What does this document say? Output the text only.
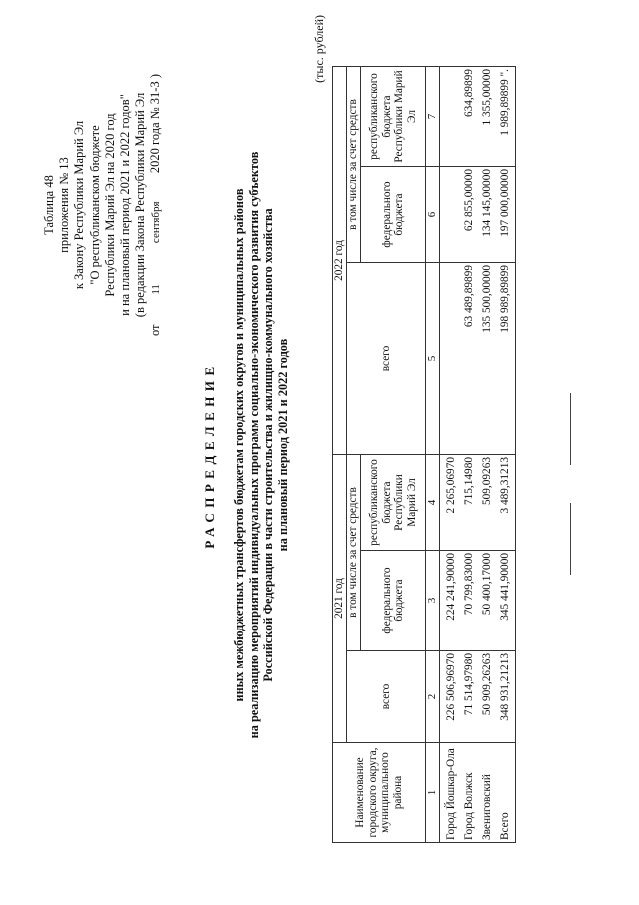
Таблица 48 приложения № 13 к Закону Республики Марий Эл "О республиканском бюджете Республики Марий Эл на 2020 год и на плановый период 2021 и 2022 годов" (в редакции Закона Республики Марий Эл
от 11 сентября 2020 года № 31-З )
РАСПРЕДЕЛЕНИЕ иных межбюджетных трансфертов бюджетам городских округов и муниципальных районов на реализацию мероприятий индивидуальных программ социально-экономического развития субъектов Российской Федерации в части строительства и жилищно-коммунального хозяйства на плановый период 2021 и 2022 годов
(тыс. рублей)
Наименование городского округа, муниципального района	2021 год			2022 год		
	всего	в том числе за счет средств		всего	в том числе за счет средств	
		федерального бюджета	республиканского бюджета Республики Марий Эл		федерального бюджета	республиканского бюджета Республики Марий Эл
1	2	3	4	5	6	7
Город Йошкар-Ола	226 506,96970	224 241,90000	2 265,06970			
Город Волжск	71 514,97980	70 799,83000	715,14980	63 489,89899	62 855,00000	634,89899
Звениговский	50 909,26263	50 400,17000	509,09263	135 500,00000	134 145,00000	1 355,00000
Всего	348 931,21213	345 441,90000	3 489,31213	198 989,89899	197 000,00000	1 989,89899 ".
